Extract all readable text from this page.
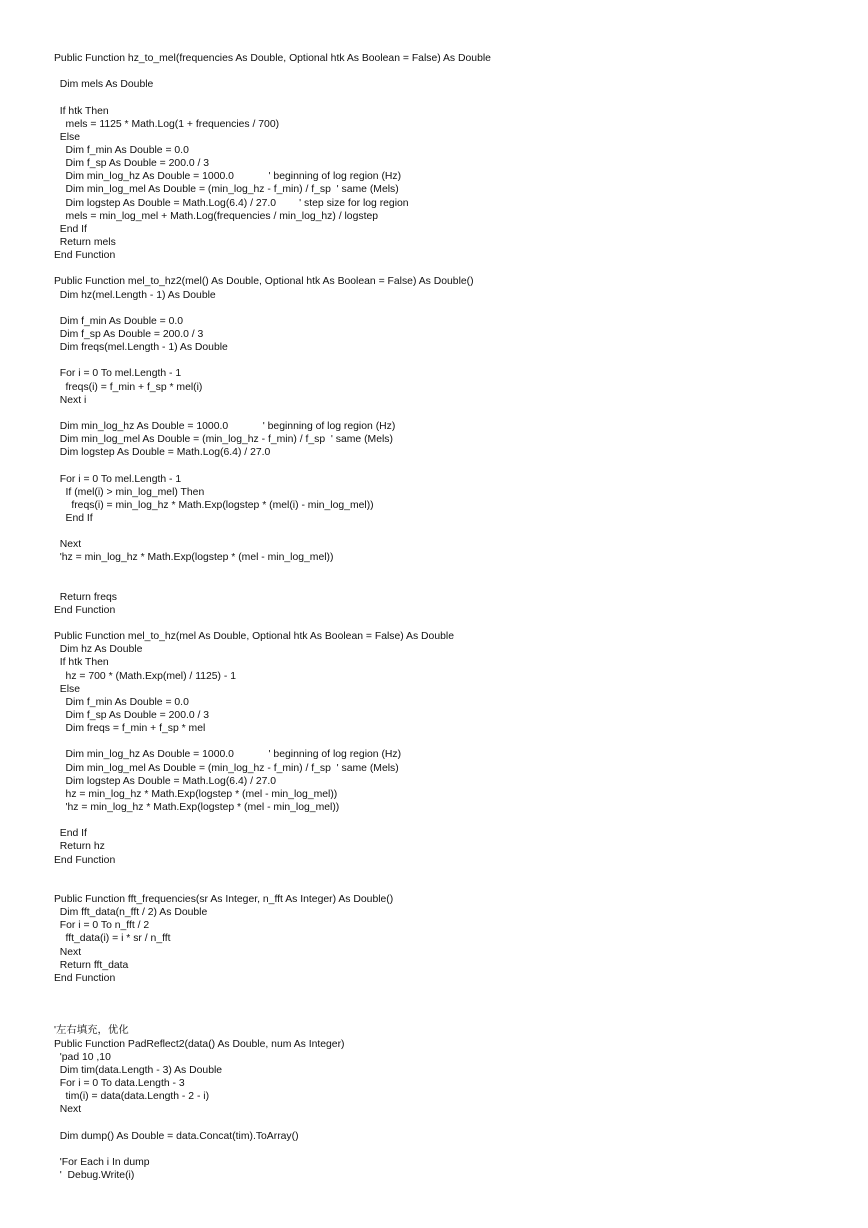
Public Function hz_to_mel(frequencies As Double, Optional htk As Boolean = False) As Double
Dim mels As Double
If htk Then
mels = 1125 * Math.Log(1 + frequencies / 700)
Else
Dim f_min As Double = 0.0
Dim f_sp As Double = 200.0 / 3
Dim min_log_hz As Double = 1000.0            ' beginning of log region (Hz)
Dim min_log_mel As Double = (min_log_hz - f_min) / f_sp  ' same (Mels)
Dim logstep As Double = Math.Log(6.4) / 27.0        ' step size for log region
mels = min_log_mel + Math.Log(frequencies / min_log_hz) / logstep
End If
Return mels
End Function
Public Function mel_to_hz2(mel() As Double, Optional htk As Boolean = False) As Double()
Dim hz(mel.Length - 1) As Double
Dim f_min As Double = 0.0
Dim f_sp As Double = 200.0 / 3
Dim freqs(mel.Length - 1) As Double
For i = 0 To mel.Length - 1
freqs(i) = f_min + f_sp * mel(i)
Next i
Dim min_log_hz As Double = 1000.0            ' beginning of log region (Hz)
Dim min_log_mel As Double = (min_log_hz - f_min) / f_sp  ' same (Mels)
Dim logstep As Double = Math.Log(6.4) / 27.0
For i = 0 To mel.Length - 1
If (mel(i) > min_log_mel) Then
freqs(i) = min_log_hz * Math.Exp(logstep * (mel(i) - min_log_mel))
End If
Next
'hz = min_log_hz * Math.Exp(logstep * (mel - min_log_mel))
Return freqs
End Function
Public Function mel_to_hz(mel As Double, Optional htk As Boolean = False) As Double
Dim hz As Double
If htk Then
hz = 700 * (Math.Exp(mel) / 1125) - 1
Else
Dim f_min As Double = 0.0
Dim f_sp As Double = 200.0 / 3
Dim freqs = f_min + f_sp * mel
Dim min_log_hz As Double = 1000.0            ' beginning of log region (Hz)
Dim min_log_mel As Double = (min_log_hz - f_min) / f_sp  ' same (Mels)
Dim logstep As Double = Math.Log(6.4) / 27.0
hz = min_log_hz * Math.Exp(logstep * (mel - min_log_mel))
'hz = min_log_hz * Math.Exp(logstep * (mel - min_log_mel))
End If
Return hz
End Function
Public Function fft_frequencies(sr As Integer, n_fft As Integer) As Double()
Dim fft_data(n_fft / 2) As Double
For i = 0 To n_fft / 2
fft_data(i) = i * sr / n_fft
Next
Return fft_data
End Function
'左右填充，优化
Public Function PadReflect2(data() As Double, num As Integer)
'pad 10 ,10
Dim tim(data.Length - 3) As Double
For i = 0 To data.Length - 3
tim(i) = data(data.Length - 2 - i)
Next
Dim dump() As Double = data.Concat(tim).ToArray()
'For Each i In dump
'  Debug.Write(i)
